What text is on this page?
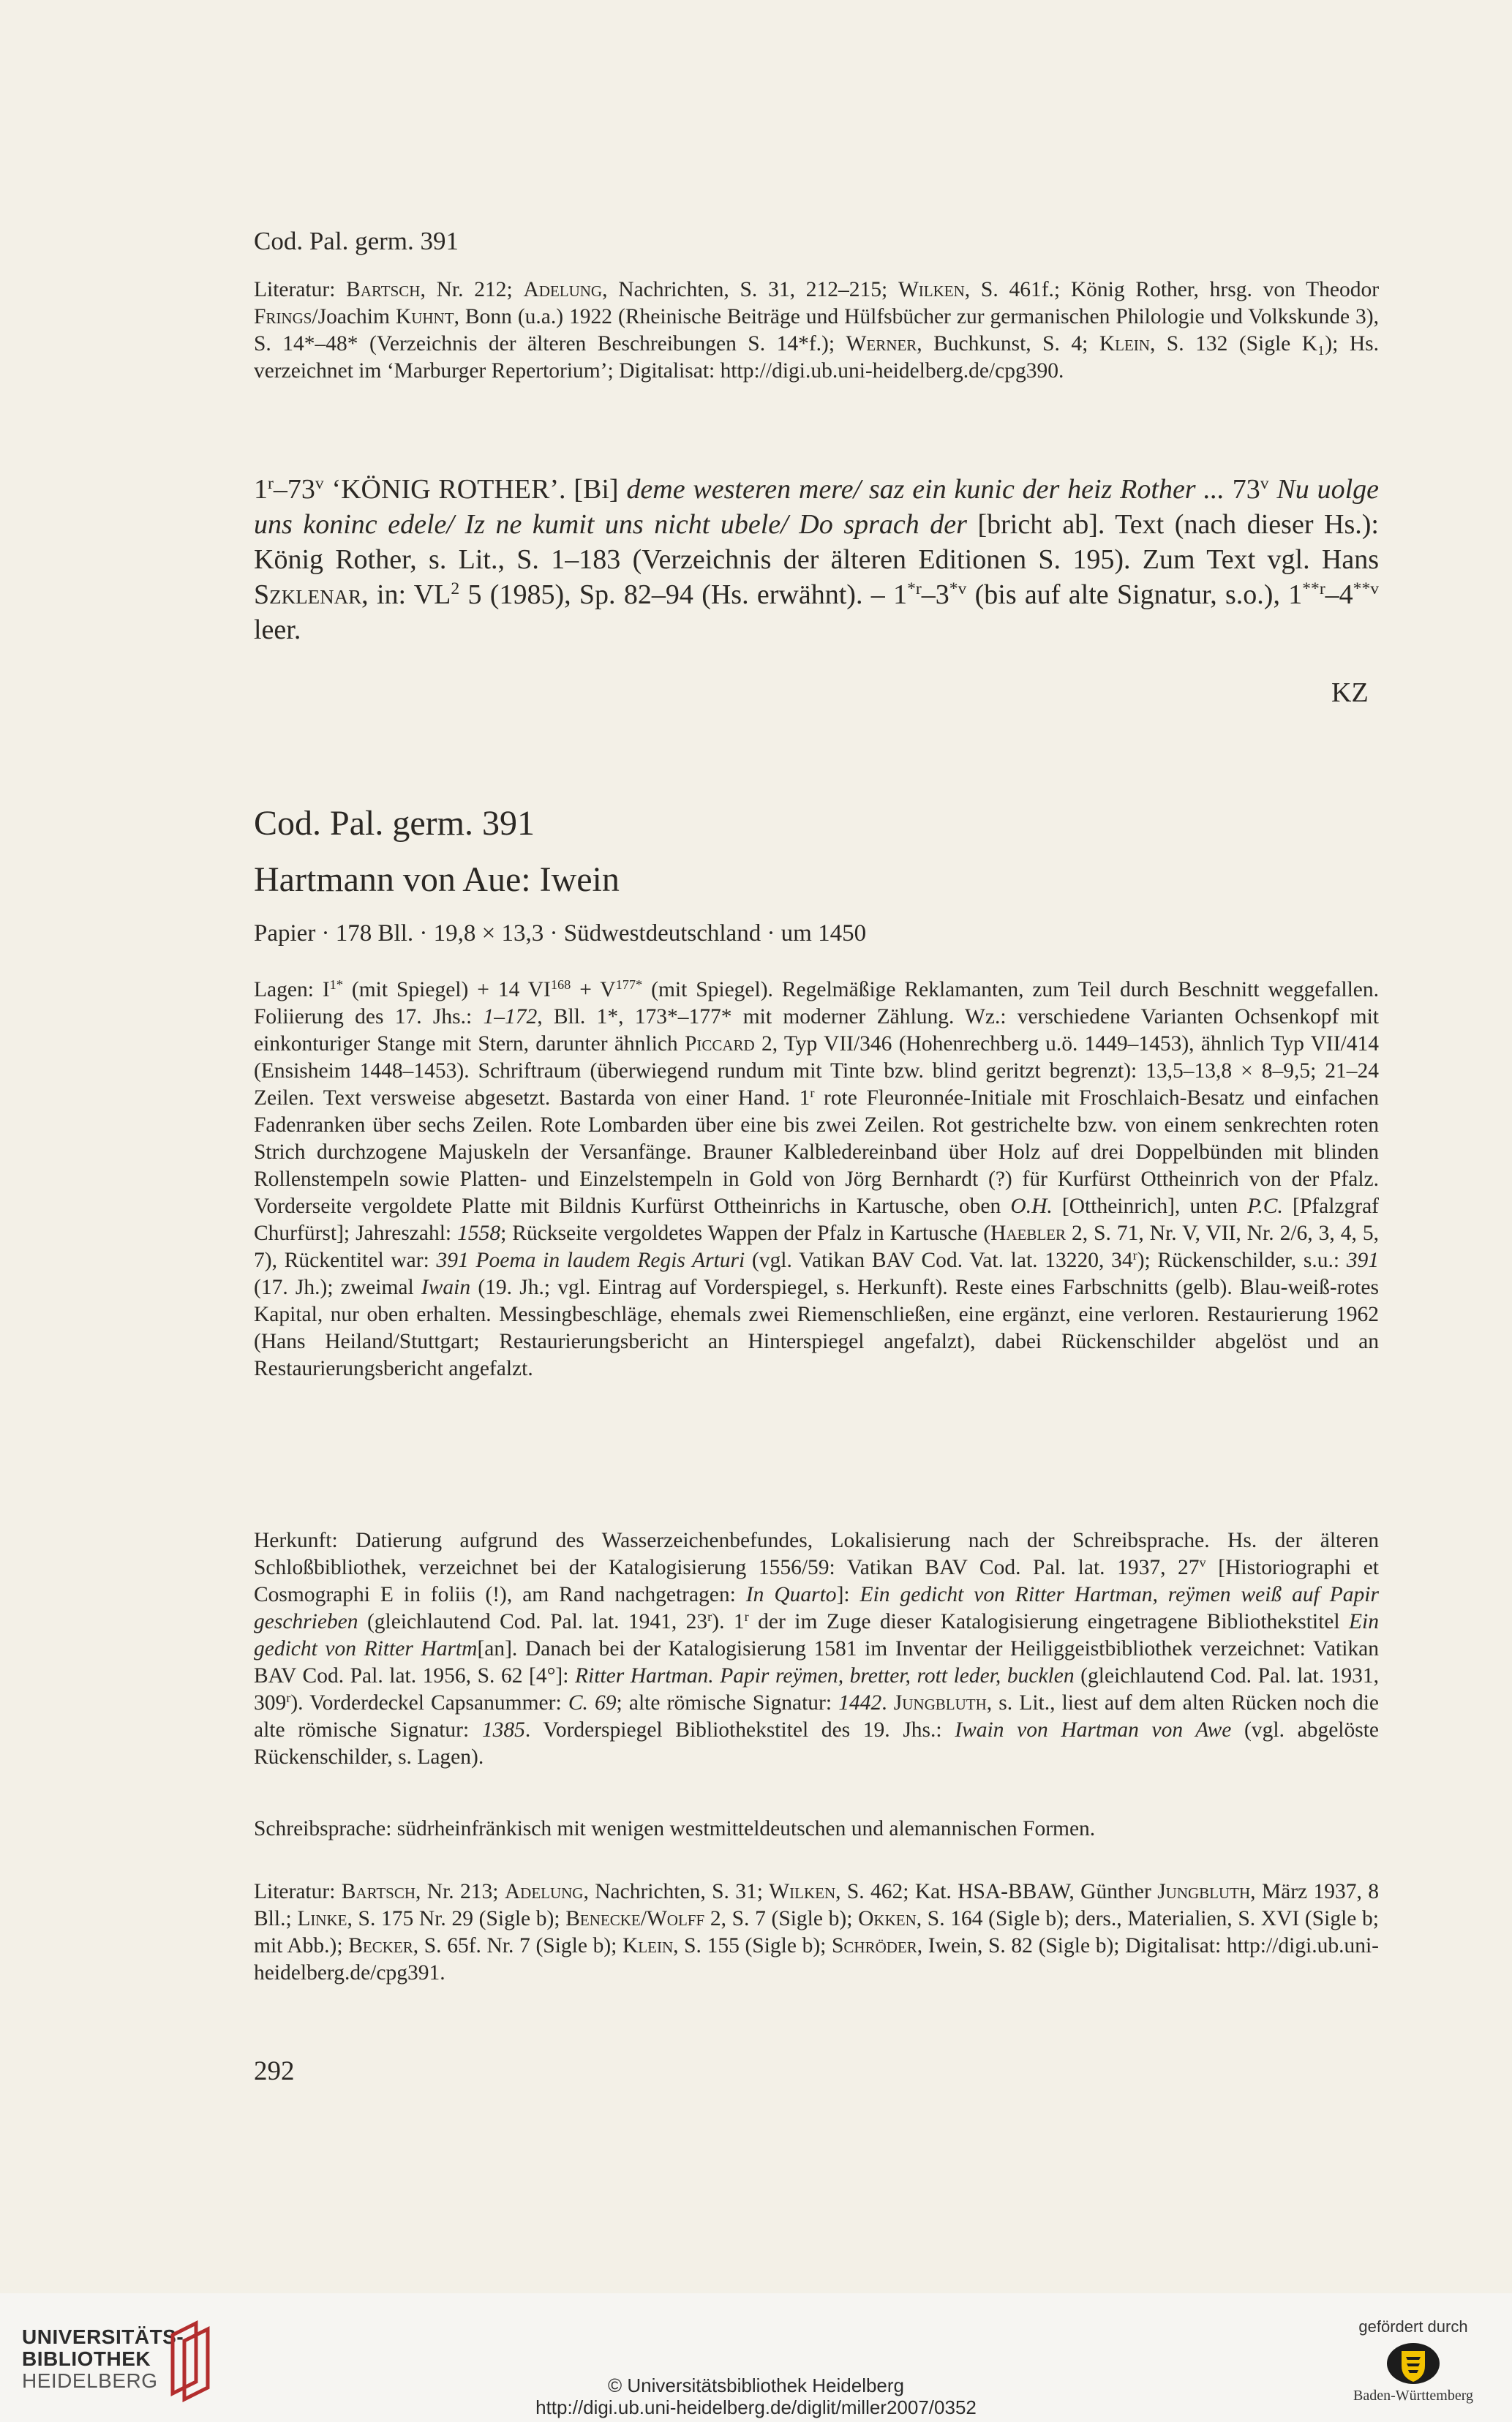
Cod. Pal. germ. 391

Literatur: Bartsch, Nr. 212; Adelung, Nachrichten, S. 31, 212–215; Wilken, S. 461f.; König Rother, hrsg. von Theodor Frings/Joachim Kuhnt, Bonn (u.a.) 1922 (Rheinische Beiträge und Hülfsbücher zur germanischen Philologie und Volkskunde 3), S. 14*–48* (Verzeichnis der älteren Beschreibungen S. 14*f.); Werner, Buchkunst, S. 4; Klein, S. 132 (Sigle K₁); Hs. verzeichnet im ‘Marburger Repertorium’; Digitalisat: http://digi.ub.uni-heidelberg.de/cpg390.

1$^r$–73$^v$ ‘KÖNIG ROTHER’. [Bi] deme westeren mere/ saz ein kunic der heiz Rother ... 73$^v$ Nu uolge uns koninc edele/ Iz ne kumit uns nicht ubele/ Do sprach der [bricht ab]. Text (nach dieser Hs.): König Rother, s. Lit., S. 1–183 (Verzeichnis der älteren Editionen S. 195). Zum Text vgl. Hans Szklenar, in: $VL^2$ 5 (1985), Sp. 82–94 (Hs. erwähnt). – 1$^{*r}$–3$^{*v}$ (bis auf alte Signatur, s.o.), 1$^{**r}$–4$^{**v}$ leer.

KZ
Cod. Pal. germ. 391
Hartmann von Aue: Iwein
Papier · 178 Bll. · 19,8 × 13,3 · Südwestdeutschland · um 1450

Lagen: $I^{1*}$ (mit Spiegel) + 14 $VI^{168} + V^{177*}$ (mit Spiegel). Regelmäßige Reklamanten, zum Teil durch Beschnitt weggefallen. Foliierung des 17. Jhs.: 1–172, Bll. 1*, 173*–177* mit moderner Zählung. Wz.: verschiedene Varianten Ochsenkopf mit einkonturiger Stange mit Stern, darunter ähnlich Piccard 2, Typ VII/346 (Hohenrechberg u.ö. 1449–1453), ähnlich Typ VII/414 (Ensisheim 1448–1453). Schriftraum (überwiegend rundum mit Tinte bzw. blind geritzt begrenzt): 13,5–13,8 × 8–9,5; 21–24 Zeilen. Text versweise abgesetzt. Bastarda von einer Hand. 1$^r$ rote Fleuronnée-Initiale mit Froschlaich-Besatz und einfachen Fadenranken über sechs Zeilen. Rote Lombarden über eine bis zwei Zeilen. Rot gestrichelte bzw. von einem senkrechten roten Strich durchzogene Majuskeln der Versanfänge. Brauner Kalbledereinband über Holz auf drei Doppelbünden mit blinden Rollenstempeln sowie Platten- und Einzelstempeln in Gold von Jörg Bernhardt (?) für Kurfürst Ottheinrich von der Pfalz. Vorderseite vergoldete Platte mit Bildnis Kurfürst Ottheinrichs in Kartusche, oben O.H. [Ottheinrich], unten P.C. [Pfalzgraf Churfürst]; Jahreszahl: 1558; Rückseite vergoldetes Wappen der Pfalz in Kartusche (Haebler 2, S. 71, Nr. V, VII, Nr. 2/6, 3, 4, 5, 7), Rückentitel war: 391 Poema in laudem Regis Arturi (vgl. Vatikan BAV Cod. Vat. lat. 13220, 34$^r$); Rückenschilder, s.u.: 391 (17. Jh.); zweimal Iwain (19. Jh.; vgl. Eintrag auf Vorderspiegel, s. Herkunft). Reste eines Farbschnitts (gelb). Blau-weiß-rotes Kapital, nur oben erhalten. Messingbeschläge, ehemals zwei Riemenschließen, eine ergänzt, eine verloren. Restaurierung 1962 (Hans Heiland/Stuttgart; Restaurierungsbericht an Hinterspiegel angefalzt), dabei Rückenschilder abgelöst und an Restaurierungsbericht angefalzt.

Herkunft: Datierung aufgrund des Wasserzeichenbefundes, Lokalisierung nach der Schreibsprache. Hs. der älteren Schloßbibliothek, verzeichnet bei der Katalogisierung 1556/59: Vatikan BAV Cod. Pal. lat. 1937, 27$^v$ [Historiographi et Cosmographi E in foliis (!), am Rand nachgetragen: In Quarto]: Ein gedicht von Ritter Hartman, reÿmen weiß auf Papir geschrieben (gleichlautend Cod. Pal. lat. 1941, 23$^r$). 1$^r$ der im Zuge dieser Katalogisierung eingetragene Bibliothekstitel Ein gedicht von Ritter Hartm[an]. Danach bei der Katalogisierung 1581 im Inventar der Heiliggeistbibliothek verzeichnet: Vatikan BAV Cod. Pal. lat. 1956, S. 62 [4°]: Ritter Hartman. Papir reÿmen, bretter, rott leder, bucklen (gleichlautend Cod. Pal. lat. 1931, 309$^r$). Vorderdeckel Capsanummer: C. 69; alte römische Signatur: 1442. Jungbluth, s. Lit., liest auf dem alten Rücken noch die alte römische Signatur: 1385. Vorderspiegel Bibliothekstitel des 19. Jhs.: Iwain von Hartman von Awe (vgl. abgelöste Rückenschilder, s. Lagen).

Schreibsprache: südrheinfränkisch mit wenigen westmitteldeutschen und alemannischen Formen.

Literatur: Bartsch, Nr. 213; Adelung, Nachrichten, S. 31; Wilken, S. 462; Kat. HSA-BBAW, Günther Jungbluth, März 1937, 8 Bll.; Linke, S. 175 Nr. 29 (Sigle b); Benecke/Wolff 2, S. 7 (Sigle b); Okken, S. 164 (Sigle b); ders., Materialien, S. XVI (Sigle b; mit Abb.); Becker, S. 65f. Nr. 7 (Sigle b); Klein, S. 155 (Sigle b); Schröder, Iwein, S. 82 (Sigle b); Digitalisat: http://digi.ub.uni-heidelberg.de/cpg391.

292
UNIVERSITÄTS-
BIBLIOTHEK
HEIDELBERG	© Universitätsbibliothek Heidelberg
http://digi.ub.uni-heidelberg.de/diglit/miller2007/0352
gefördert durch
Baden-Württemberg
